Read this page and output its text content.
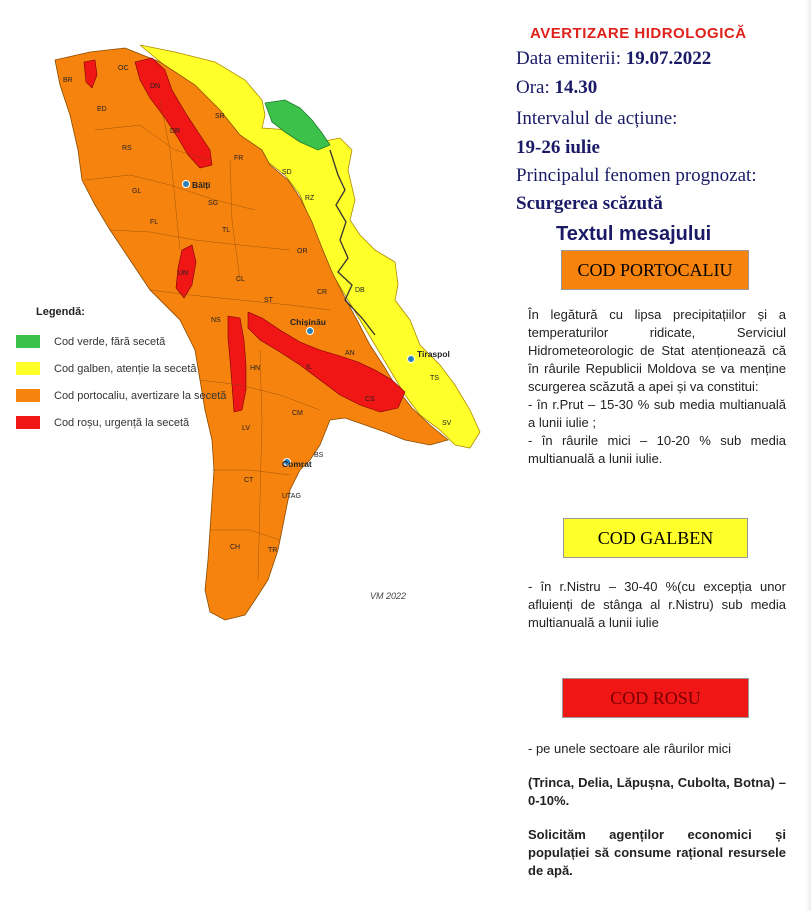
BR
OC
DN
ED
RS
DR
SR
FR
SD
GL
FL
SG
RZ
TL
OR
UN
CL
ST
CR	DB
NS	Chișinău
AN
HN	IL
Tiraspol
TS
CS
LV
CM
SV
BS
Comrat
CT
UTAG
CH	TR
Bălți
Legendă:
Cod verde, fără secetă
Cod galben, atenție la secetă
Cod portocaliu, avertizare la secetă
Cod roșu, urgență la secetă
VM 2022
AVERTIZARE HIDROLOGICĂ
Data emiterii: 19.07.2022
Ora: 14.30
Intervalul de acțiune:
19-26 iulie
Principalul fenomen prognozat:
Scurgerea scăzută
Textul mesajului
COD PORTOCALIU

În legătură cu lipsa precipitațiilor și a temperaturilor ridicate, Serviciul Hidrometeorologic de Stat atenționează că în râurile Republicii Moldova se va menține scurgerea scăzută a apei și va constitui:

- în r.Prut – 15-30 % sub media multianuală a lunii iulie ;

- în râurile mici – 10-20 % sub media multianuală a lunii iulie.

COD GALBEN

- în r.Nistru – 30-40 %(cu excepția unor afluienți de stânga al r.Nistru) sub media multianuală a lunii iulie

COD ROSU

- pe unele sectoare ale râurilor mici

(Trinca, Delia, Lăpușna, Cubolta, Botna) – 0-10%.

Solicităm agenților economici și populației să consume rațional resursele de apă.
